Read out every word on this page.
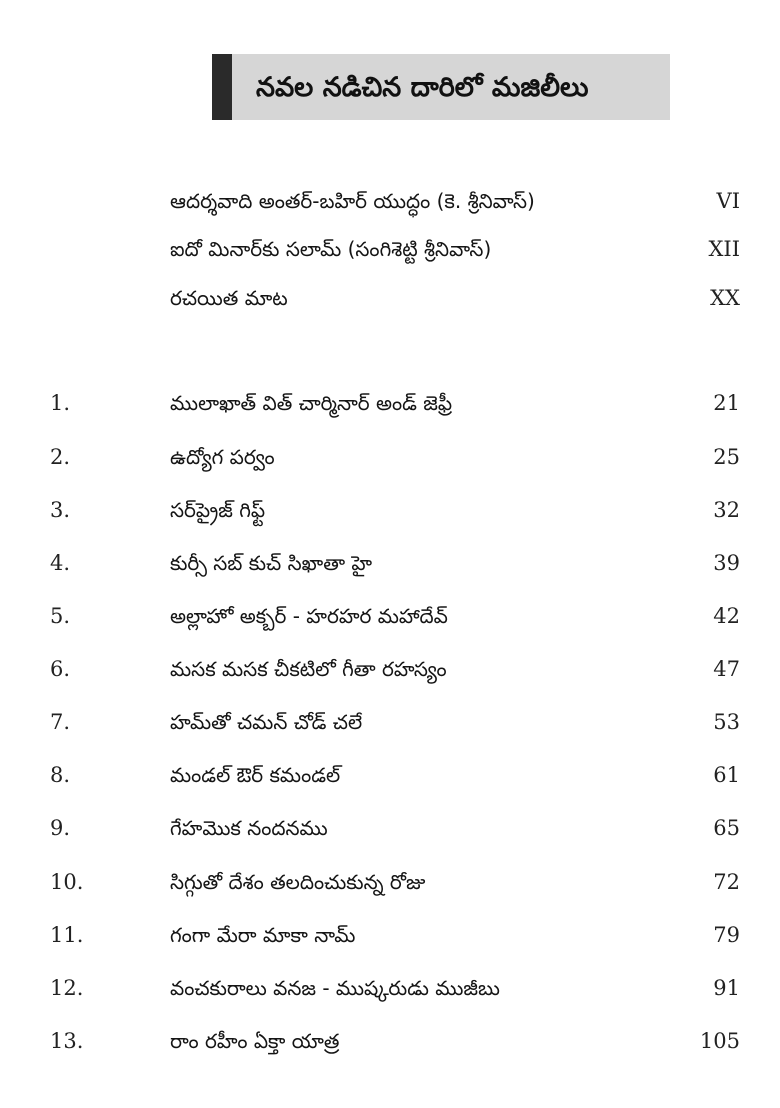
నవల నడిచిన దారిలో మజిలీలు
ఆదర్శవాది అంతర్-బహిర్ యుద్ధం (కె. శ్రీనివాస్)	VI
ఐదో మినార్‌కు సలామ్ (సంగిశెట్టి శ్రీనివాస్)	XII
రచయిత మాట	XX
1.	ములాఖాత్ విత్ చార్మినార్ అండ్ జెఫ్రీ	21
2.	ఉద్యోగ పర్వం	25
3.	సర్‌ప్రైజ్ గిఫ్ట్	32
4.	కుర్సీ సబ్ కుచ్ సిఖాతా హై	39
5.	అల్లాహో అక్బర్ - హరహర మహాదేవ్	42
6.	మసక మసక చీకటిలో గీతా రహస్యం	47
7.	హమ్‌తో చమన్ చోడ్ చలే	53
8.	మండల్ ఔర్ కమండల్	61
9.	గేహమొక నందనము	65
10.	సిగ్గుతో దేశం తలదించుకున్న రోజు	72
11.	గంగా మేరా మాకా నామ్	79
12.	వంచకురాలు వనజ - ముష్కరుడు ముజీబు	91
13.	రాం రహీం ఏక్తా యాత్ర	105
